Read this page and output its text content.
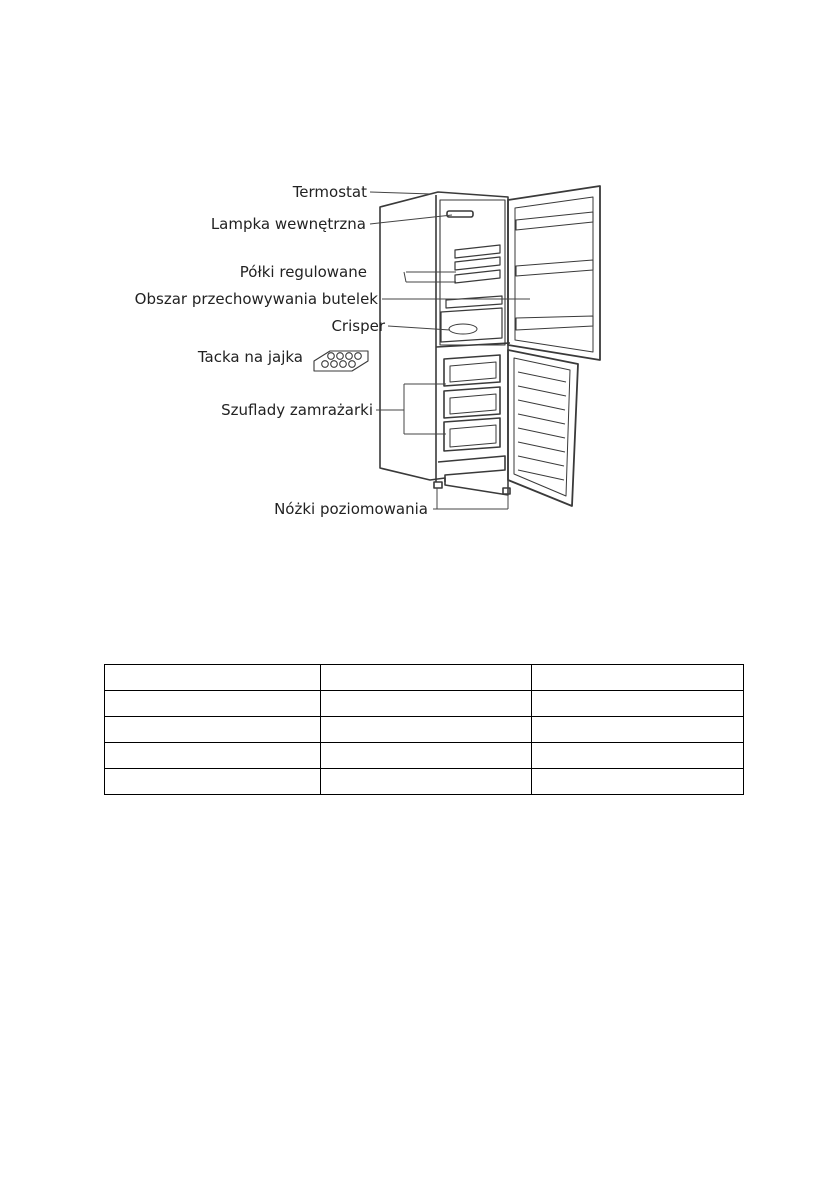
Termostat
Lampka wewnętrzna
Półki regulowane
Obszar przechowywania butelek
Crisper
Tacka na jajka
Szuflady zamrażarki
Nóżki poziomowania
